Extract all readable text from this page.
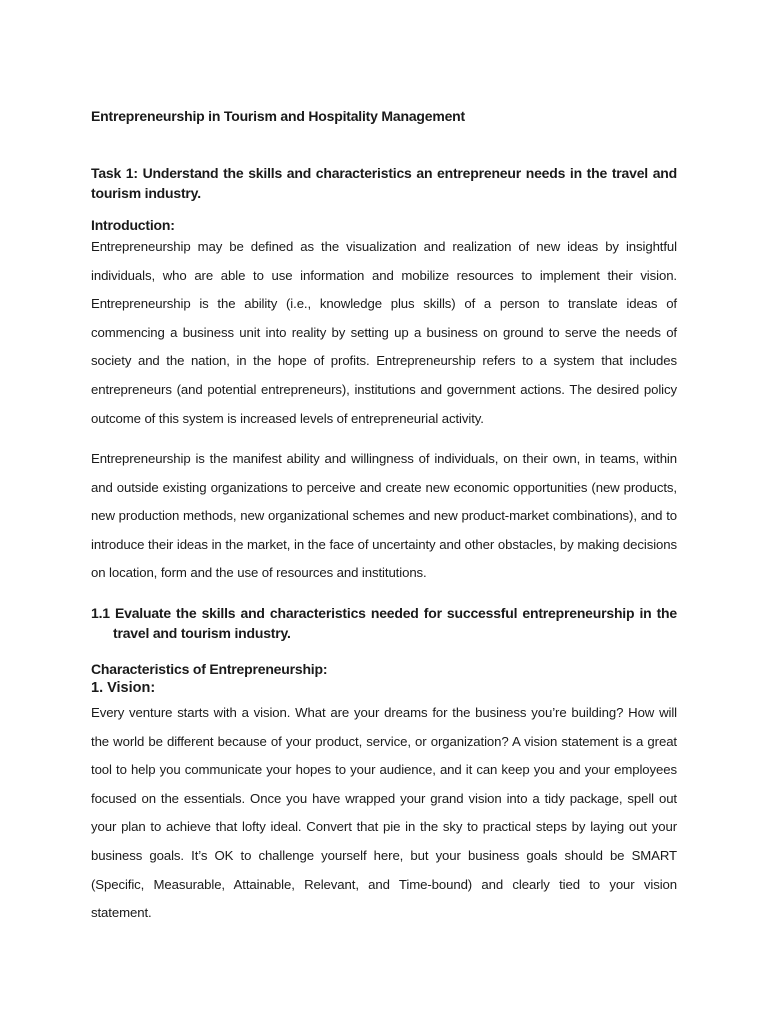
Entrepreneurship in Tourism and Hospitality Management
Task 1: Understand the skills and characteristics an entrepreneur needs in the travel and tourism industry.
Introduction:

Entrepreneurship may be defined as the visualization and realization of new ideas by insightful individuals, who are able to use information and mobilize resources to implement their vision. Entrepreneurship is the ability (i.e., knowledge plus skills) of a person to translate ideas of commencing a business unit into reality by setting up a business on ground to serve the needs of society and the nation, in the hope of profits. Entrepreneurship refers to a system that includes entrepreneurs (and potential entrepreneurs), institutions and government actions. The desired policy outcome of this system is increased levels of entrepreneurial activity.

Entrepreneurship is the manifest ability and willingness of individuals, on their own, in teams, within and outside existing organizations to perceive and create new economic opportunities (new products, new production methods, new organizational schemes and new product-market combinations), and to introduce their ideas in the market, in the face of uncertainty and other obstacles, by making decisions on location, form and the use of resources and institutions.

1.1 Evaluate the skills and characteristics needed for successful entrepreneurship in the travel and tourism industry.
Characteristics of Entrepreneurship:
1. Vision:

Every venture starts with a vision. What are your dreams for the business you’re building? How will the world be different because of your product, service, or organization? A vision statement is a great tool to help you communicate your hopes to your audience, and it can keep you and your employees focused on the essentials. Once you have wrapped your grand vision into a tidy package, spell out your plan to achieve that lofty ideal. Convert that pie in the sky to practical steps by laying out your business goals. It’s OK to challenge yourself here, but your business goals should be SMART (Specific, Measurable, Attainable, Relevant, and Time-bound) and clearly tied to your vision statement.
